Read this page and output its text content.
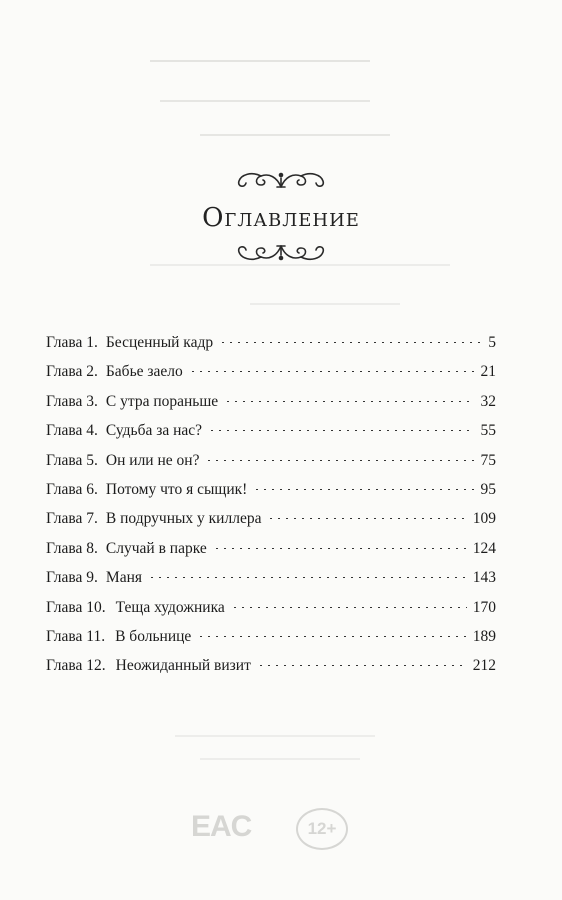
Оглавление
Глава 1. Бесценный кадр	5
Глава 2. Бабье заело	21
Глава 3. С утра пораньше	32
Глава 4. Судьба за нас?	55
Глава 5. Он или не он?	75
Глава 6. Потому что я сыщик!	95
Глава 7. В подручных у киллера	109
Глава 8. Случай в парке	124
Глава 9. Маня	143
Глава 10. Теща художника	170
Глава 11. В больнице	189
Глава 12. Неожиданный визит	212
EAC	12+
